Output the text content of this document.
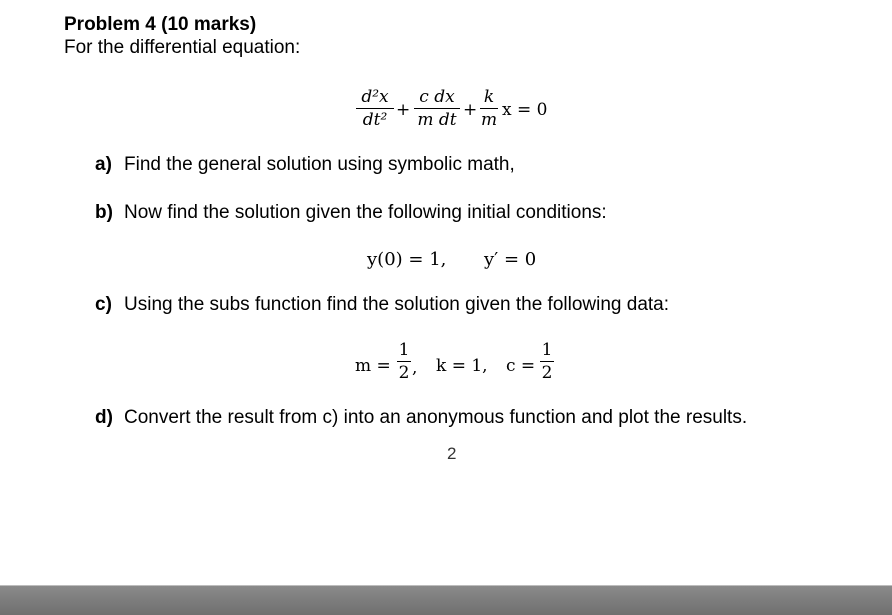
Problem 4 (10 marks)
For the differential equation:
d²x
dt² +
c dx
m dt +
k
m x = 0
a) Find the general solution using symbolic math,
b) Now find the solution given the following initial conditions:
y(0) = 1, y′ = 0
c) Using the subs function find the solution given the following data:
m =
1
2 , k = 1, c =
1
2
d) Convert the result from c) into an anonymous function and plot the results.
2
